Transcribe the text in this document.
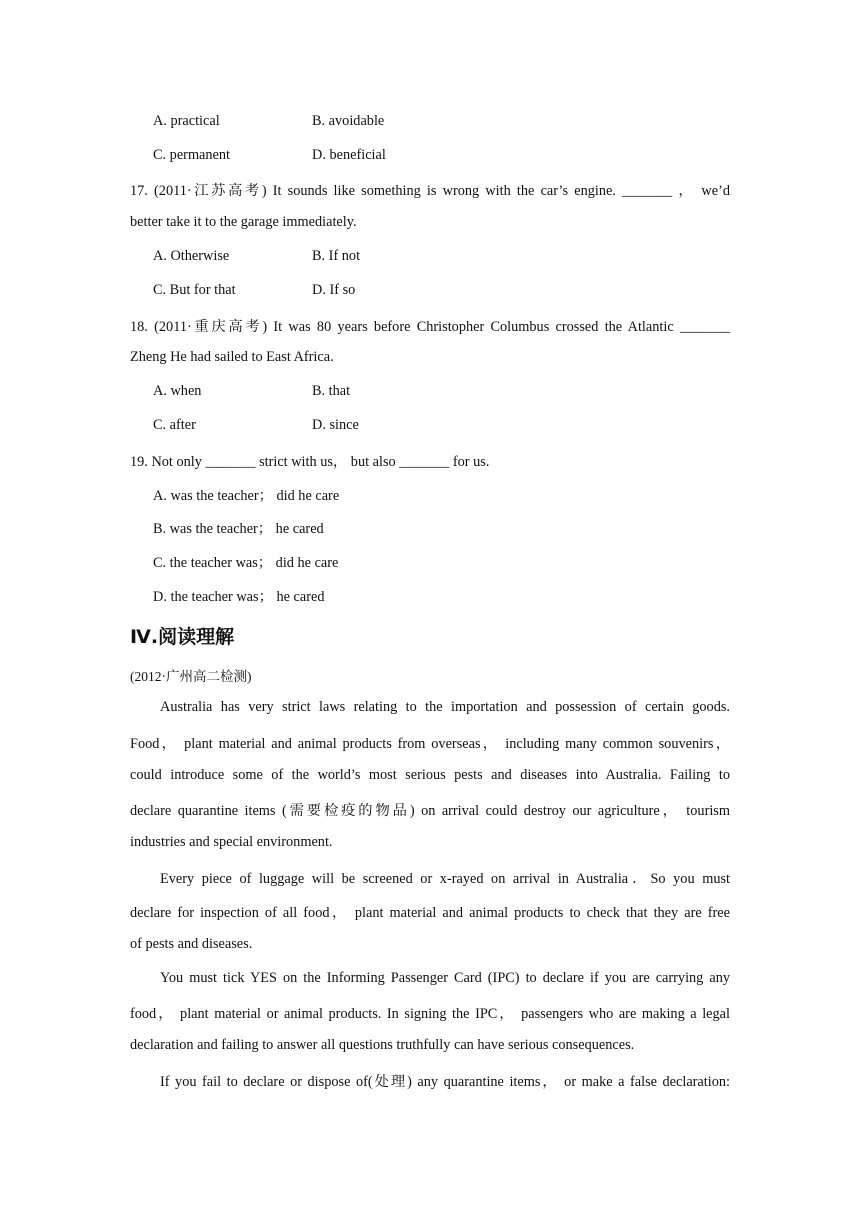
A. practical	B. avoidable
C. permanent	D. beneficial
17. (2011·江苏高考) It sounds like something is wrong with the car’s engine. _______ ， we’d
better take it to the garage immediately.
A. Otherwise	B. If not
C. But for that	D. If so
18. (2011·重庆高考) It was 80 years before Christopher Columbus crossed the Atlantic _______
Zheng He had sailed to East Africa.
A. when	B. that
C. after	D. since
19. Not only _______ strict with us， but also _______ for us.
A. was the teacher； did he care
B. was the teacher； he cared
C. the teacher was； did he care
D. the teacher was； he cared
Ⅳ.阅读理解
(2012·广州高二检测)
Australia has very strict laws relating to the importation and possession of certain goods.
Food， plant material and animal products from overseas， including many common souvenirs，
could introduce some of the world’s most serious pests and diseases into Australia. Failing to
declare quarantine items (需要检疫的物品) on arrival could destroy our agriculture， tourism
industries and special environment.
Every piece of luggage will be screened or x-rayed on arrival in Australia．So you must
declare for inspection of all food， plant material and animal products to check that they are free
of pests and diseases.
You must tick YES on the Informing Passenger Card (IPC) to declare if you are carrying any
food， plant material or animal products. In signing the IPC， passengers who are making a legal
declaration and failing to answer all questions truthfully can have serious consequences.
If you fail to declare or dispose of(处理) any quarantine items， or make a false declaration:
